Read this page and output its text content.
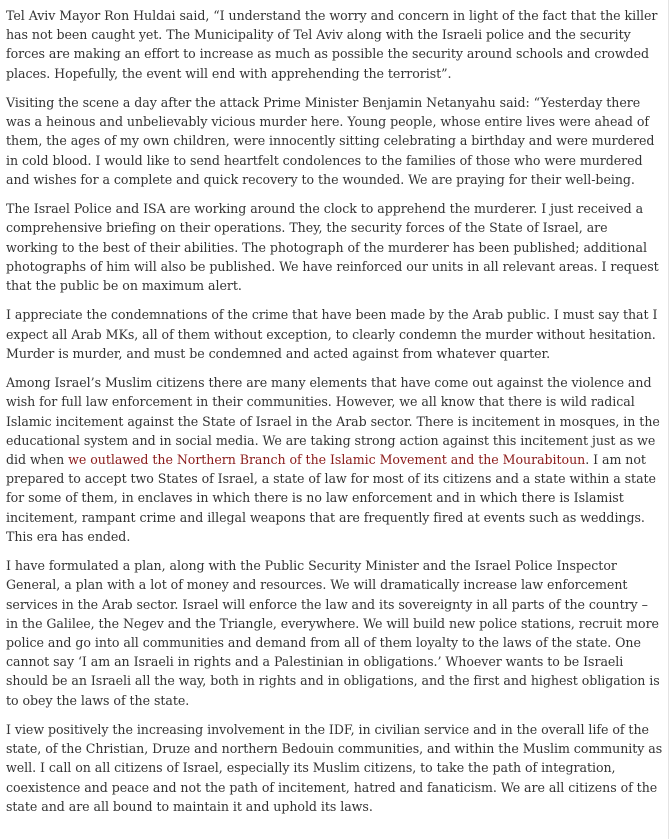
Tel Aviv Mayor Ron Huldai said, “I understand the worry and concern in light of the fact that the killer has not been caught yet. The Municipality of Tel Aviv along with the Israeli police and the security forces are making an effort to increase as much as possible the security around schools and crowded places. Hopefully, the event will end with apprehending the terrorist”.

Visiting the scene a day after the attack Prime Minister Benjamin Netanyahu said: “Yesterday there was a heinous and unbelievably vicious murder here. Young people, whose entire lives were ahead of them, the ages of my own children, were innocently sitting celebrating a birthday and were murdered in cold blood. I would like to send heartfelt condolences to the families of those who were murdered and wishes for a complete and quick recovery to the wounded. We are praying for their well-being.

The Israel Police and ISA are working around the clock to apprehend the murderer. I just received a comprehensive briefing on their operations. They, the security forces of the State of Israel, are working to the best of their abilities. The photograph of the murderer has been published; additional photographs of him will also be published. We have reinforced our units in all relevant areas. I request that the public be on maximum alert.

I appreciate the condemnations of the crime that have been made by the Arab public. I must say that I expect all Arab MKs, all of them without exception, to clearly condemn the murder without hesitation. Murder is murder, and must be condemned and acted against from whatever quarter.

Among Israel’s Muslim citizens there are many elements that have come out against the violence and wish for full law enforcement in their communities. However, we all know that there is wild radical Islamic incitement against the State of Israel in the Arab sector. There is incitement in mosques, in the educational system and in social media. We are taking strong action against this incitement just as we did when we outlawed the Northern Branch of the Islamic Movement and the Mourabitoun. I am not prepared to accept two States of Israel, a state of law for most of its citizens and a state within a state for some of them, in enclaves in which there is no law enforcement and in which there is Islamist incitement, rampant crime and illegal weapons that are frequently fired at events such as weddings. This era has ended.

I have formulated a plan, along with the Public Security Minister and the Israel Police Inspector General, a plan with a lot of money and resources. We will dramatically increase law enforcement services in the Arab sector. Israel will enforce the law and its sovereignty in all parts of the country – in the Galilee, the Negev and the Triangle, everywhere. We will build new police stations, recruit more police and go into all communities and demand from all of them loyalty to the laws of the state. One cannot say ‘I am an Israeli in rights and a Palestinian in obligations.’ Whoever wants to be Israeli should be an Israeli all the way, both in rights and in obligations, and the first and highest obligation is to obey the laws of the state.

I view positively the increasing involvement in the IDF, in civilian service and in the overall life of the state, of the Christian, Druze and northern Bedouin communities, and within the Muslim community as well. I call on all citizens of Israel, especially its Muslim citizens, to take the path of integration, coexistence and peace and not the path of incitement, hatred and fanaticism. We are all citizens of the state and are all bound to maintain it and uphold its laws.
